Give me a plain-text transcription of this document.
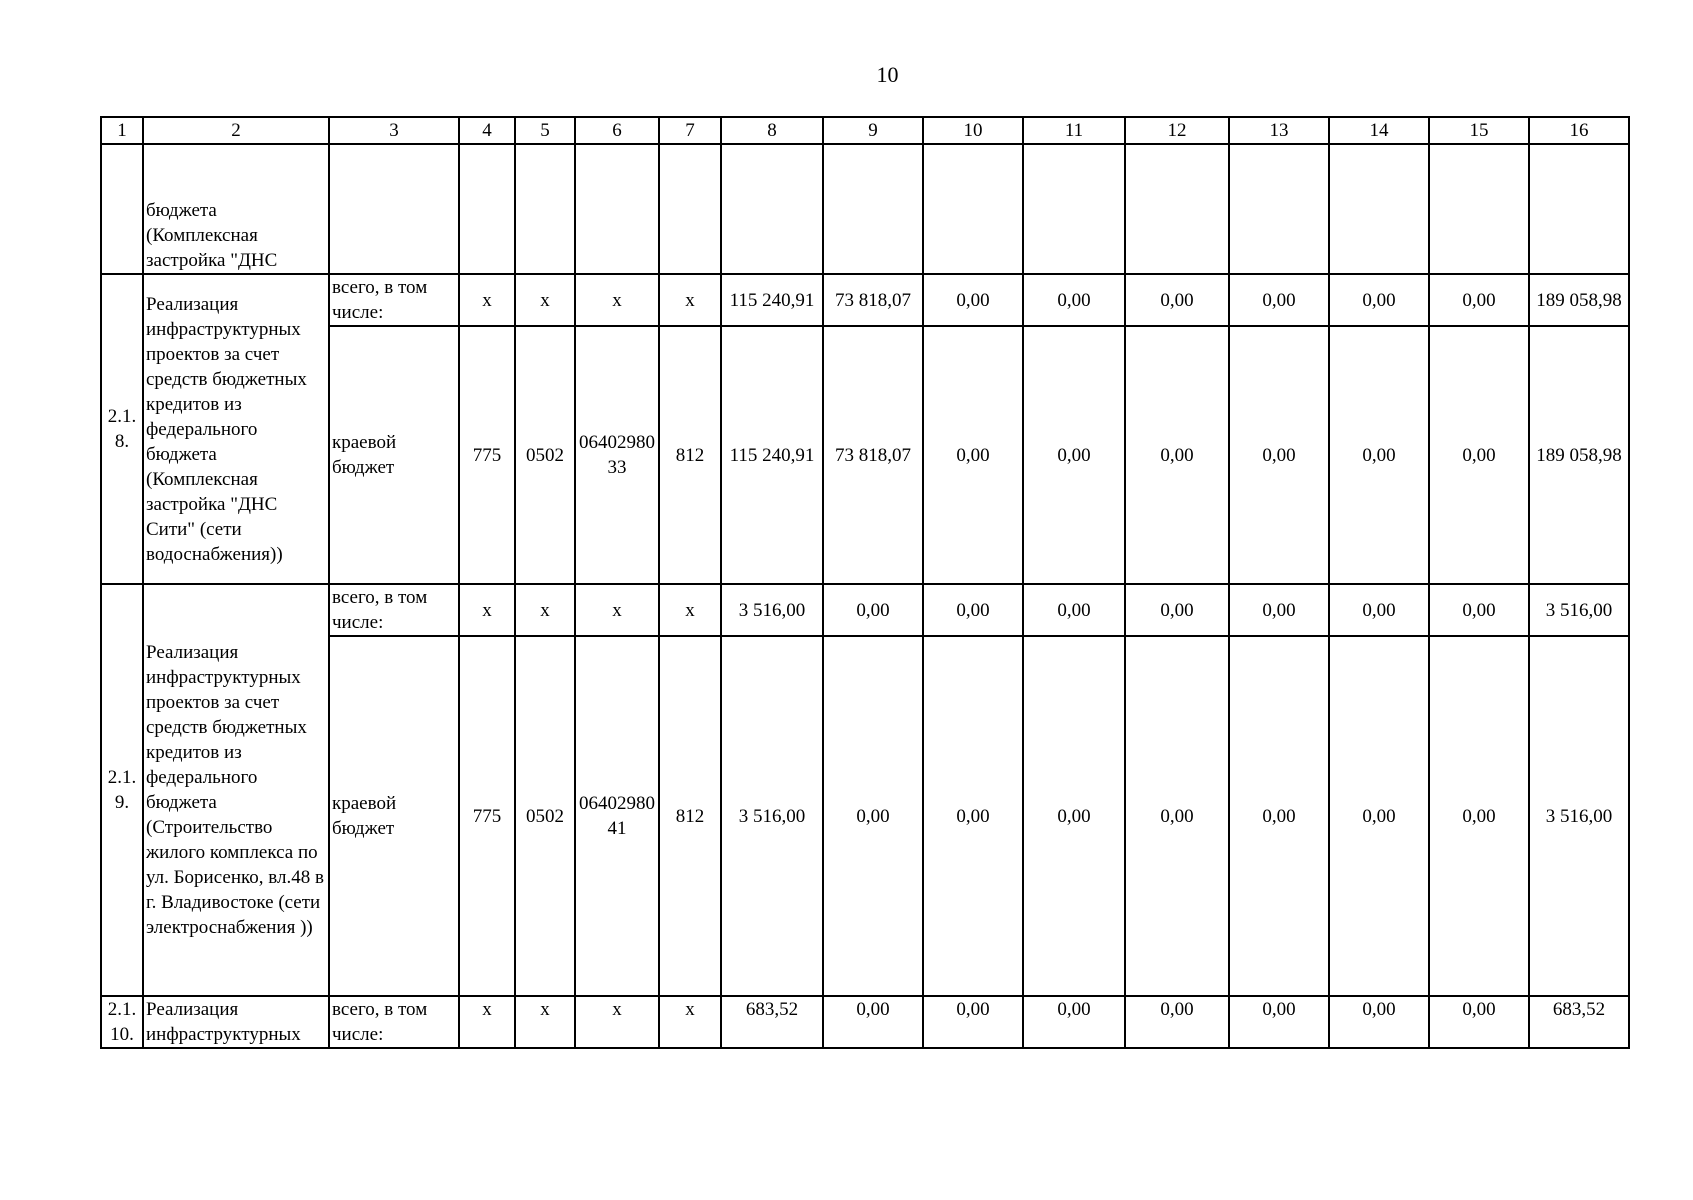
10
1	2	3	4	5	6	7	8	9	10	11	12	13	14	15	16
	бюджета (Комплексная застройка "ДНС														
2.1. 8.	Реализация инфраструктурных проектов за счет средств бюджетных кредитов из федерального бюджета (Комплексная застройка "ДНС Сити" (сети водоснабжения))	всего, в том числе:	х	х	х	х	115 240,91	73 818,07	0,00	0,00	0,00	0,00	0,00	0,00	189 058,98
		краевой бюджет	775	0502	0640298033	812	115 240,91	73 818,07	0,00	0,00	0,00	0,00	0,00	0,00	189 058,98
2.1. 9.	Реализация инфраструктурных проектов за счет средств бюджетных кредитов из федерального бюджета (Строительство жилого комплекса по ул. Борисенко, вл.48 в г. Владивостоке (сети электроснабжения ))	всего, в том числе:	х	х	х	х	3 516,00	0,00	0,00	0,00	0,00	0,00	0,00	0,00	3 516,00
		краевой бюджет	775	0502	0640298041	812	3 516,00	0,00	0,00	0,00	0,00	0,00	0,00	0,00	3 516,00
2.1. 10.	Реализация инфраструктурных	всего, в том числе:	х	х	х	х	683,52	0,00	0,00	0,00	0,00	0,00	0,00	0,00	683,52
